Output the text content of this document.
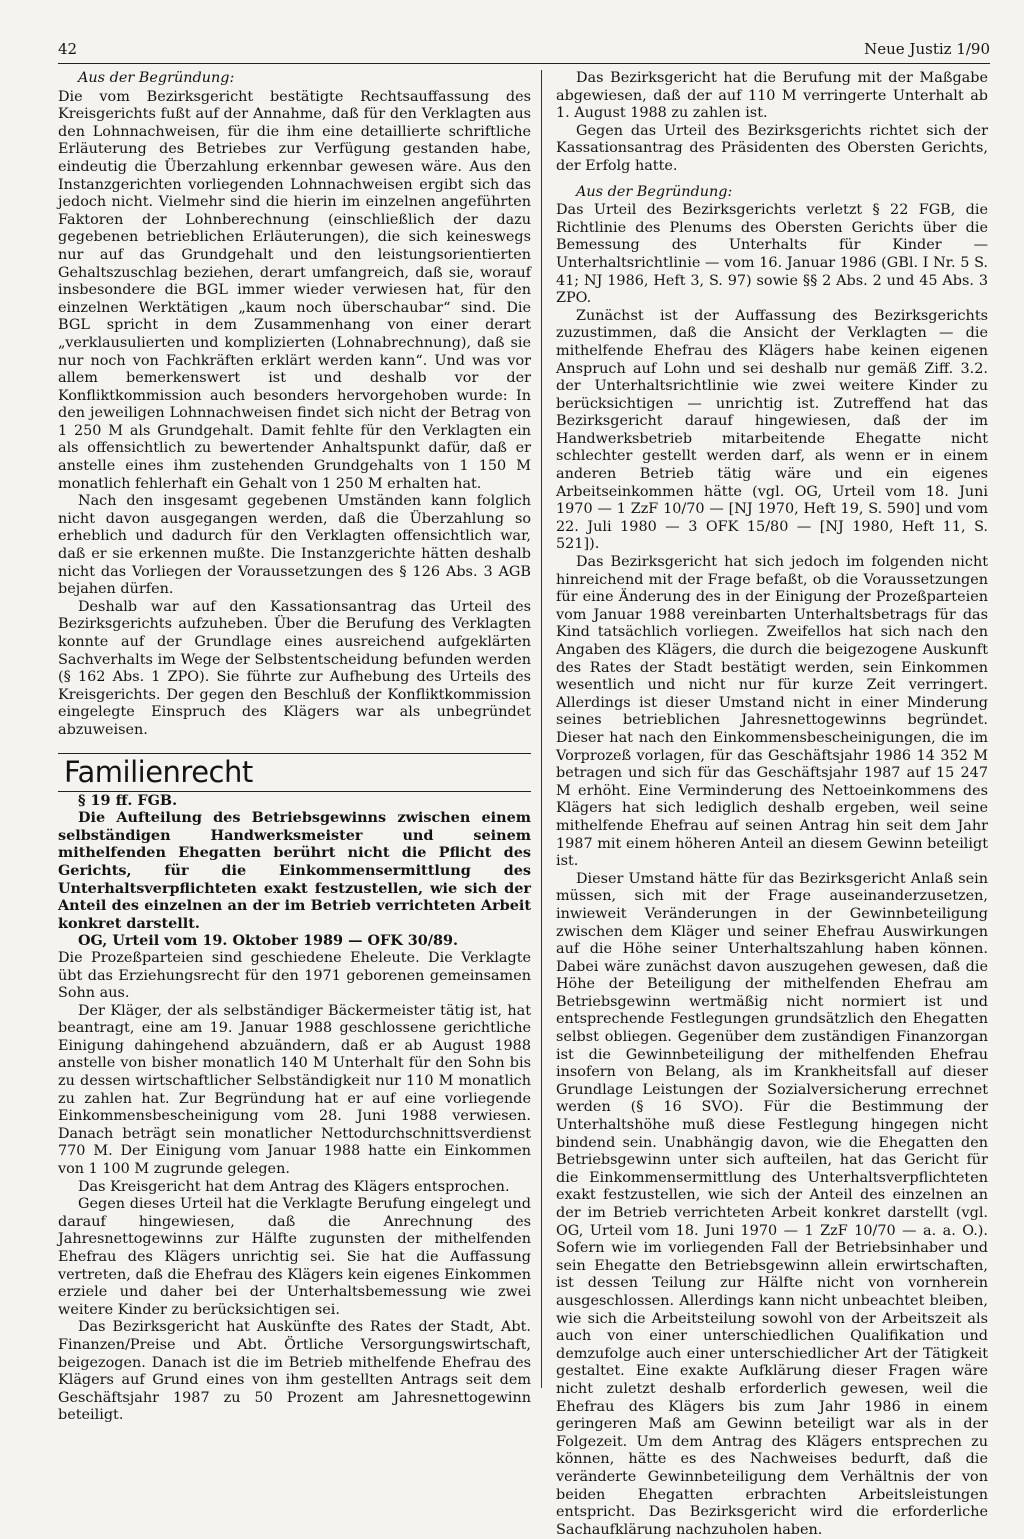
42	Neue Justiz 1/90

Aus der Begründung:

Die vom Bezirksgericht bestätigte Rechtsauffassung des Kreisgerichts fußt auf der Annahme, daß für den Verklagten aus den Lohnnachweisen, für die ihm eine detaillierte schriftliche Erläuterung des Betriebes zur Verfügung gestanden habe, eindeutig die Überzahlung erkennbar gewesen wäre. Aus den Instanzgerichten vorliegenden Lohnnachweisen ergibt sich das jedoch nicht. Vielmehr sind die hierin im einzelnen angeführten Faktoren der Lohnberechnung (einschließlich der dazu gegebenen betrieblichen Erläuterungen), die sich keineswegs nur auf das Grundgehalt und den leistungsorientierten Gehaltszuschlag beziehen, derart umfangreich, daß sie, worauf insbesondere die BGL immer wieder verwiesen hat, für den einzelnen Werktätigen „kaum noch überschaubar“ sind. Die BGL spricht in dem Zusammenhang von einer derart „verklausulierten und komplizierten (Lohnabrechnung), daß sie nur noch von Fachkräften erklärt werden kann“. Und was vor allem bemerkenswert ist und deshalb vor der Konfliktkommission auch besonders hervorgehoben wurde: In den jeweiligen Lohnnachweisen findet sich nicht der Betrag von 1 250 M als Grundgehalt. Damit fehlte für den Verklagten ein als offensichtlich zu bewertender Anhaltspunkt dafür, daß er anstelle eines ihm zustehenden Grundgehalts von 1 150 M monatlich fehlerhaft ein Gehalt von 1 250 M erhalten hat.

Nach den insgesamt gegebenen Umständen kann folglich nicht davon ausgegangen werden, daß die Überzahlung so erheblich und dadurch für den Verklagten offensichtlich war, daß er sie erkennen mußte. Die Instanzgerichte hätten deshalb nicht das Vorliegen der Voraussetzungen des § 126 Abs. 3 AGB bejahen dürfen.

Deshalb war auf den Kassationsantrag das Urteil des Bezirksgerichts aufzuheben. Über die Berufung des Verklagten konnte auf der Grundlage eines ausreichend aufgeklärten Sachverhalts im Wege der Selbstentscheidung befunden werden (§ 162 Abs. 1 ZPO). Sie führte zur Aufhebung des Urteils des Kreisgerichts. Der gegen den Beschluß der Konfliktkommission eingelegte Einspruch des Klägers war als unbegründet abzuweisen.

Familienrecht

§ 19 ff. FGB.

Die Aufteilung des Betriebsgewinns zwischen einem selbständigen Handwerksmeister und seinem mithelfenden Ehegatten berührt nicht die Pflicht des Gerichts, für die Einkommensermittlung des Unterhaltsverpflichteten exakt festzustellen, wie sich der Anteil des einzelnen an der im Betrieb verrichteten Arbeit konkret darstellt.

OG, Urteil vom 19. Oktober 1989 — OFK 30/89.

Die Prozeßparteien sind geschiedene Eheleute. Die Verklagte übt das Erziehungsrecht für den 1971 geborenen gemeinsamen Sohn aus.

Der Kläger, der als selbständiger Bäckermeister tätig ist, hat beantragt, eine am 19. Januar 1988 geschlossene gerichtliche Einigung dahingehend abzuändern, daß er ab August 1988 anstelle von bisher monatlich 140 M Unterhalt für den Sohn bis zu dessen wirtschaftlicher Selbständigkeit nur 110 M monatlich zu zahlen hat. Zur Begründung hat er auf eine vorliegende Einkommensbescheinigung vom 28. Juni 1988 verwiesen. Danach beträgt sein monatlicher Nettodurchschnittsverdienst 770 M. Der Einigung vom Januar 1988 hatte ein Einkommen von 1 100 M zugrunde gelegen.

Das Kreisgericht hat dem Antrag des Klägers entsprochen.

Gegen dieses Urteil hat die Verklagte Berufung eingelegt und darauf hingewiesen, daß die Anrechnung des Jahresnettogewinns zur Hälfte zugunsten der mithelfenden Ehefrau des Klägers unrichtig sei. Sie hat die Auffassung vertreten, daß die Ehefrau des Klägers kein eigenes Einkommen erziele und daher bei der Unterhaltsbemessung wie zwei weitere Kinder zu berücksichtigen sei.

Das Bezirksgericht hat Auskünfte des Rates der Stadt, Abt. Finanzen/Preise und Abt. Örtliche Versorgungswirtschaft, beigezogen. Danach ist die im Betrieb mithelfende Ehefrau des Klägers auf Grund eines von ihm gestellten Antrags seit dem Geschäftsjahr 1987 zu 50 Prozent am Jahresnettogewinn beteiligt.

Das Bezirksgericht hat die Berufung mit der Maßgabe abgewiesen, daß der auf 110 M verringerte Unterhalt ab 1. August 1988 zu zahlen ist.

Gegen das Urteil des Bezirksgerichts richtet sich der Kassationsantrag des Präsidenten des Obersten Gerichts, der Erfolg hatte.

Aus der Begründung:

Das Urteil des Bezirksgerichts verletzt § 22 FGB, die Richtlinie des Plenums des Obersten Gerichts über die Bemessung des Unterhalts für Kinder — Unterhaltsrichtlinie — vom 16. Januar 1986 (GBl. I Nr. 5 S. 41; NJ 1986, Heft 3, S. 97) sowie §§ 2 Abs. 2 und 45 Abs. 3 ZPO.

Zunächst ist der Auffassung des Bezirksgerichts zuzustimmen, daß die Ansicht der Verklagten — die mithelfende Ehefrau des Klägers habe keinen eigenen Anspruch auf Lohn und sei deshalb nur gemäß Ziff. 3.2. der Unterhaltsrichtlinie wie zwei weitere Kinder zu berücksichtigen — unrichtig ist. Zutreffend hat das Bezirksgericht darauf hingewiesen, daß der im Handwerksbetrieb mitarbeitende Ehegatte nicht schlechter gestellt werden darf, als wenn er in einem anderen Betrieb tätig wäre und ein eigenes Arbeitseinkommen hätte (vgl. OG, Urteil vom 18. Juni 1970 — 1 ZzF 10/70 — [NJ 1970, Heft 19, S. 590] und vom 22. Juli 1980 — 3 OFK 15/80 — [NJ 1980, Heft 11, S. 521]).

Das Bezirksgericht hat sich jedoch im folgenden nicht hinreichend mit der Frage befaßt, ob die Voraussetzungen für eine Änderung des in der Einigung der Prozeßparteien vom Januar 1988 vereinbarten Unterhaltsbetrags für das Kind tatsächlich vorliegen. Zweifellos hat sich nach den Angaben des Klägers, die durch die beigezogene Auskunft des Rates der Stadt bestätigt werden, sein Einkommen wesentlich und nicht nur für kurze Zeit verringert. Allerdings ist dieser Umstand nicht in einer Minderung seines betrieblichen Jahresnettogewinns begründet. Dieser hat nach den Einkommensbescheinigungen, die im Vorprozeß vorlagen, für das Geschäftsjahr 1986 14 352 M betragen und sich für das Geschäftsjahr 1987 auf 15 247 M erhöht. Eine Verminderung des Nettoeinkommens des Klägers hat sich lediglich deshalb ergeben, weil seine mithelfende Ehefrau auf seinen Antrag hin seit dem Jahr 1987 mit einem höheren Anteil an diesem Gewinn beteiligt ist.

Dieser Umstand hätte für das Bezirksgericht Anlaß sein müssen, sich mit der Frage auseinanderzusetzen, inwieweit Veränderungen in der Gewinnbeteiligung zwischen dem Kläger und seiner Ehefrau Auswirkungen auf die Höhe seiner Unterhaltszahlung haben können. Dabei wäre zunächst davon auszugehen gewesen, daß die Höhe der Beteiligung der mithelfenden Ehefrau am Betriebsgewinn wertmäßig nicht normiert ist und entsprechende Festlegungen grundsätzlich den Ehegatten selbst obliegen. Gegenüber dem zuständigen Finanzorgan ist die Gewinnbeteiligung der mithelfenden Ehefrau insofern von Belang, als im Krankheitsfall auf dieser Grundlage Leistungen der Sozialversicherung errechnet werden (§ 16 SVO). Für die Bestimmung der Unterhaltshöhe muß diese Festlegung hingegen nicht bindend sein. Unabhängig davon, wie die Ehegatten den Betriebsgewinn unter sich aufteilen, hat das Gericht für die Einkommensermittlung des Unterhaltsverpflichteten exakt festzustellen, wie sich der Anteil des einzelnen an der im Betrieb verrichteten Arbeit konkret darstellt (vgl. OG, Urteil vom 18. Juni 1970 — 1 ZzF 10/70 — a. a. O.). Sofern wie im vorliegenden Fall der Betriebsinhaber und sein Ehegatte den Betriebsgewinn allein erwirtschaften, ist dessen Teilung zur Hälfte nicht von vornherein ausgeschlossen. Allerdings kann nicht unbeachtet bleiben, wie sich die Arbeitsteilung sowohl von der Arbeitszeit als auch von einer unterschiedlichen Qualifikation und demzufolge auch einer unterschiedlicher Art der Tätigkeit gestaltet. Eine exakte Aufklärung dieser Fragen wäre nicht zuletzt deshalb erforderlich gewesen, weil die Ehefrau des Klägers bis zum Jahr 1986 in einem geringeren Maß am Gewinn beteiligt war als in der Folgezeit. Um dem Antrag des Klägers entsprechen zu können, hätte es des Nachweises bedurft, daß die veränderte Gewinnbeteiligung dem Verhältnis der von beiden Ehegatten erbrachten Arbeitsleistungen entspricht. Das Bezirksgericht wird die erforderliche Sachaufklärung nachzuholen haben.
